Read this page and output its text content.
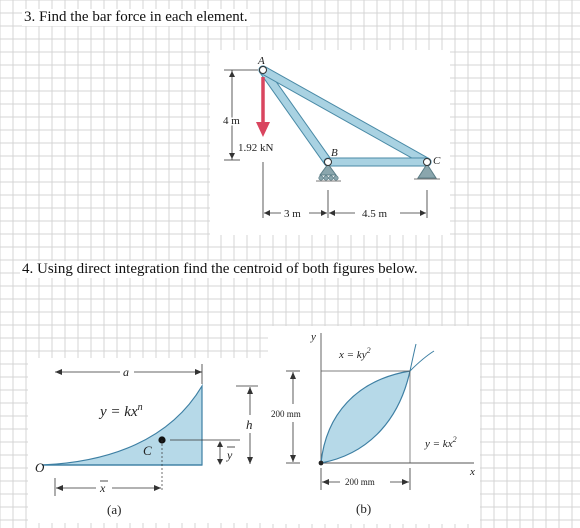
3. Find the bar force in each element.
4. Using direct integration find the centroid of both figures below.
A
B
C
1.92 kN
4 m
3 m	4.5 m
a
$y = kx^n$
C	y
h
O
x
(a)
y
x
$x = ky^2$
$y = kx^2$
200 mm
200 mm
(b)
